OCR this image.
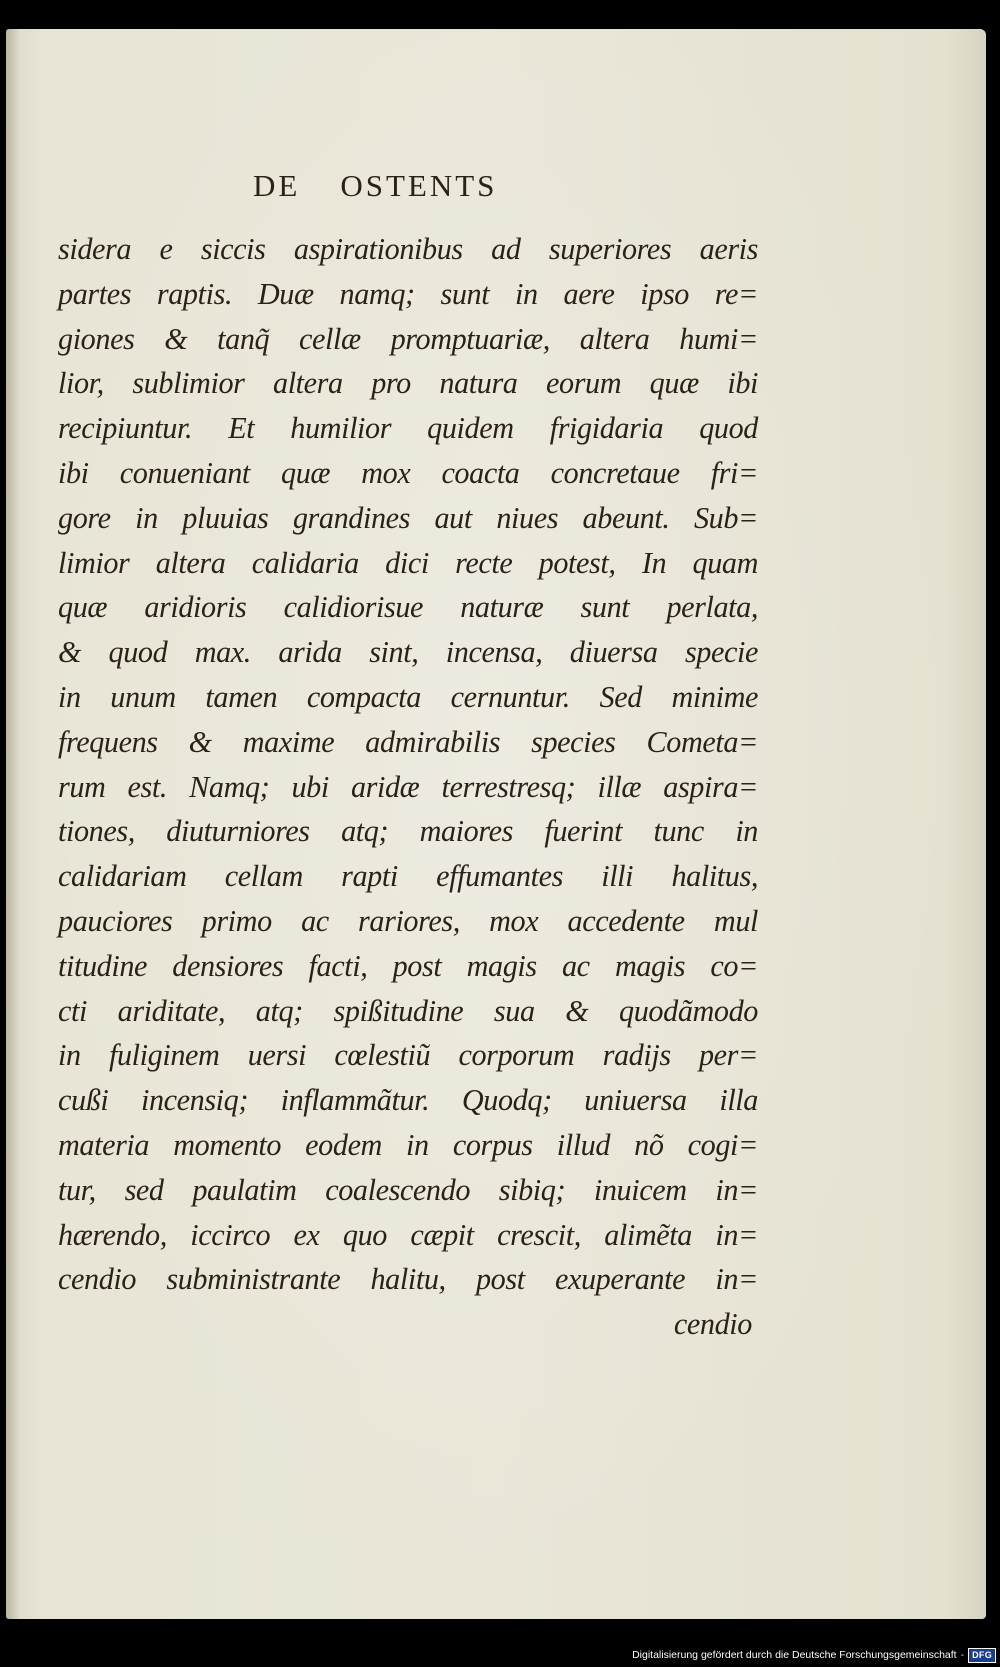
DE OSTENTS
sidera e siccis aspirationibus ad superiores aeris
partes raptis. Duæ namq; sunt in aere ipso re=
giones & tanq̃ cellæ promptuariæ, altera humi=
lior, sublimior altera pro natura eorum quæ ibi
recipiuntur. Et humilior quidem frigidaria quod
ibi conueniant quæ mox coacta concretaue fri=
gore in pluuias grandines aut niues abeunt. Sub=
limior altera calidaria dici recte potest, In quam
quæ aridioris calidiorisue naturæ sunt perlata,
& quod max. arida sint, incensa, diuersa specie
in unum tamen compacta cernuntur. Sed minime
frequens & maxime admirabilis species Cometa=
rum est. Namq; ubi aridæ terrestresq; illæ aspira=
tiones, diuturniores atq; maiores fuerint tunc in
calidariam cellam rapti effumantes illi halitus,
pauciores primo ac rariores, mox accedente mul
titudine densiores facti, post magis ac magis co=
cti ariditate, atq; spißitudine sua & quodãmodo
in fuliginem uersi cœlestiũ corporum radijs per=
cußi incensiq; inflammãtur. Quodq; uniuersa illa
materia momento eodem in corpus illud nõ cogi=
tur, sed paulatim coalescendo sibiq; inuicem in=
hærendo, iccirco ex quo cæpit crescit, alimẽta in=
cendio subministrante halitu, post exuperante in=
cendio
Digitalisierung gefördert durch die Deutsche Forschungsgemeinschaft - DFG
